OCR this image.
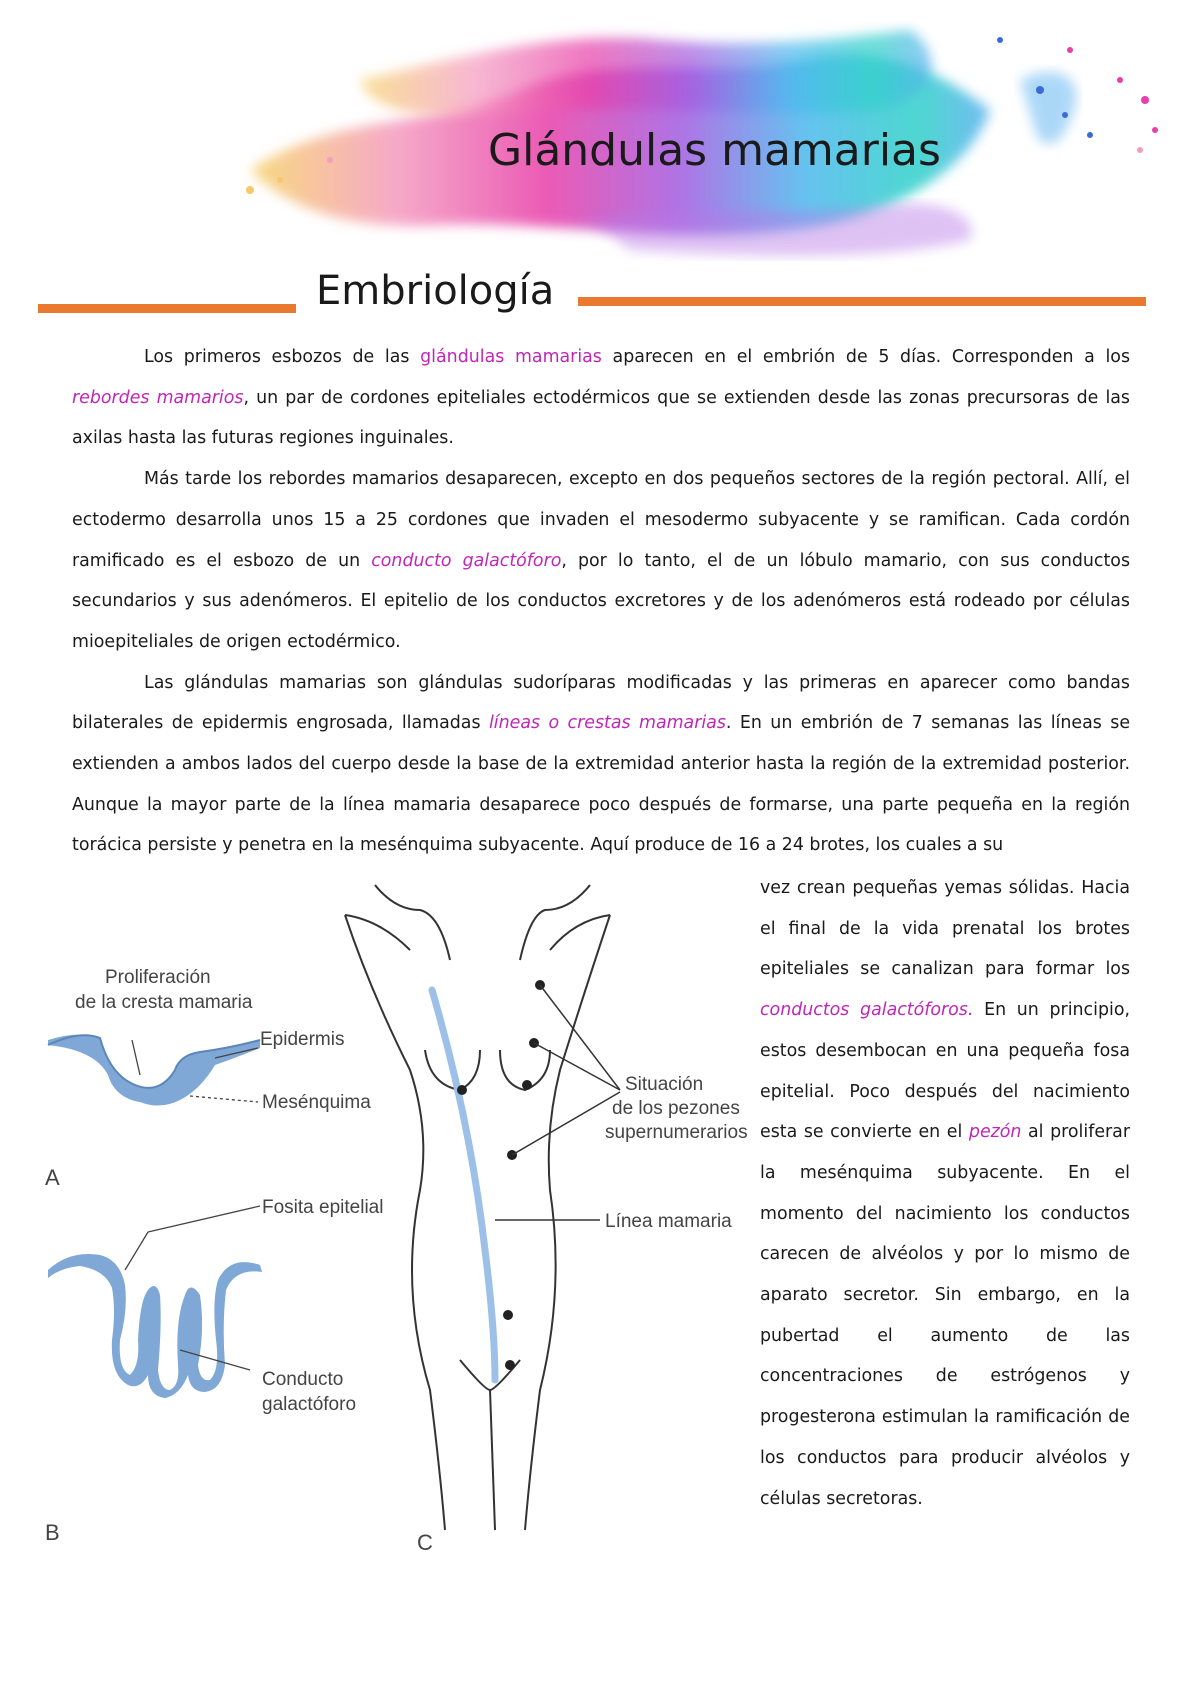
Glándulas mamarias
Embriología

Los primeros esbozos de las glándulas mamarias aparecen en el embrión de 5 días. Corresponden a los rebordes mamarios, un par de cordones epiteliales ectodérmicos que se extienden desde las zonas precursoras de las axilas hasta las futuras regiones inguinales.

Más tarde los rebordes mamarios desaparecen, excepto en dos pequeños sectores de la región pectoral. Allí, el ectodermo desarrolla unos 15 a 25 cordones que invaden el mesodermo subyacente y se ramifican. Cada cordón ramificado es el esbozo de un conducto galactóforo, por lo tanto, el de un lóbulo mamario, con sus conductos secundarios y sus adenómeros. El epitelio de los conductos excretores y de los adenómeros está rodeado por células mioepiteliales de origen ectodérmico.

Las glándulas mamarias son glándulas sudoríparas modificadas y las primeras en aparecer como bandas bilaterales de epidermis engrosada, llamadas líneas o crestas mamarias. En un embrión de 7 semanas las líneas se extienden a ambos lados del cuerpo desde la base de la extremidad anterior hasta la región de la extremidad posterior. Aunque la mayor parte de la línea mamaria desaparece poco después de formarse, una parte pequeña en la región torácica persiste y penetra en la mesénquima subyacente. Aquí produce de 16 a 24 brotes, los cuales a su

vez crean pequeñas yemas sólidas. Hacia el final de la vida prenatal los brotes epiteliales se canalizan para formar los conductos galactóforos. En un principio, estos desembocan en una pequeña fosa epitelial. Poco después del nacimiento esta se convierte en el pezón al proliferar la mesénquima subyacente. En el momento del nacimiento los conductos carecen de alvéolos y por lo mismo de aparato secretor. Sin embargo, en la pubertad el aumento de las concentraciones de estrógenos y progesterona estimulan la ramificación de los conductos para producir alvéolos y células secretoras.

Proliferación
de la cresta mamaria
Epidermis
Mesénquima
A
Fosita epitelial
Conducto
galactóforo
B
Situación
de los pezones
supernumerarios
Línea mamaria
C
